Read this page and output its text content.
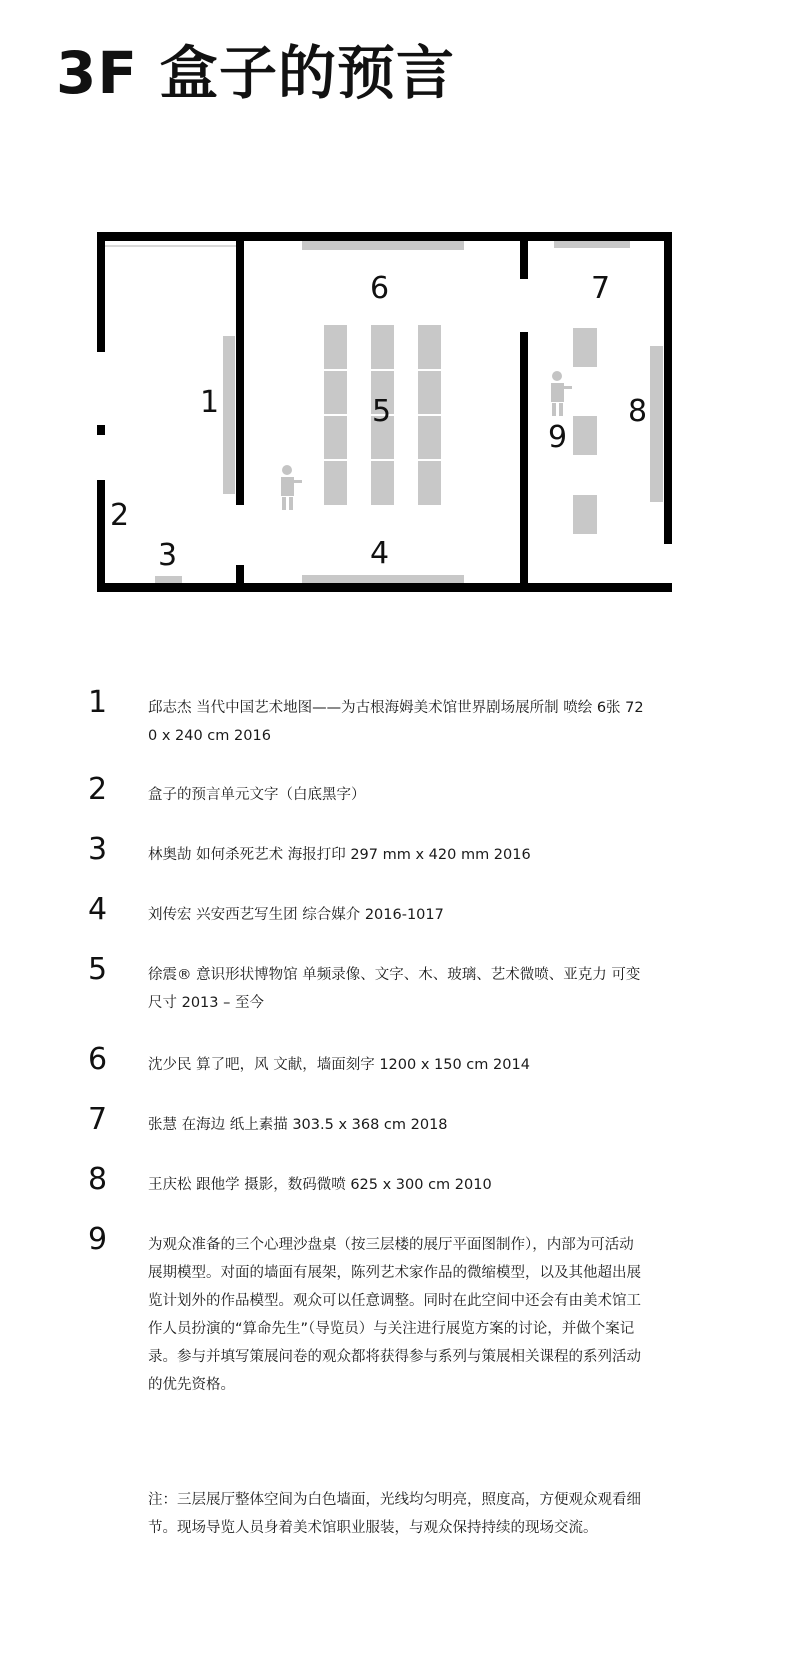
3F 盒子的预言
1
2
3	4
5
6	7
8
9
1	邱志杰 当代中国艺术地图——为古根海姆美术馆世界剧场展所制 喷绘 6张 720 x 240 cm 2016
2	盒子的预言单元文字（白底黑字）
3	林奥劼 如何杀死艺术 海报打印 297 mm x 420 mm 2016
4	刘传宏 兴安西艺写生团 综合媒介 2016-1017
5	徐震® 意识形状博物馆 单频录像、文字、木、玻璃、艺术微喷、亚克力 可变尺寸 2013 – 至今
6	沈少民 算了吧，风 文献，墙面刻字 1200 x 150 cm 2014
7	张慧 在海边 纸上素描 303.5 x 368 cm 2018
8	王庆松 跟他学 摄影，数码微喷 625 x 300 cm 2010
9	为观众准备的三个心理沙盘桌（按三层楼的展厅平面图制作），内部为可活动展期模型。对面的墙面有展架，陈列艺术家作品的微缩模型，以及其他超出展览计划外的作品模型。观众可以任意调整。同时在此空间中还会有由美术馆工作人员扮演的“算命先生”（导览员）与关注进行展览方案的讨论，并做个案记录。参与并填写策展问卷的观众都将获得参与系列与策展相关课程的系列活动的优先资格。
注：三层展厅整体空间为白色墙面，光线均匀明亮，照度高，方便观众观看细节。现场导览人员身着美术馆职业服装，与观众保持持续的现场交流。
